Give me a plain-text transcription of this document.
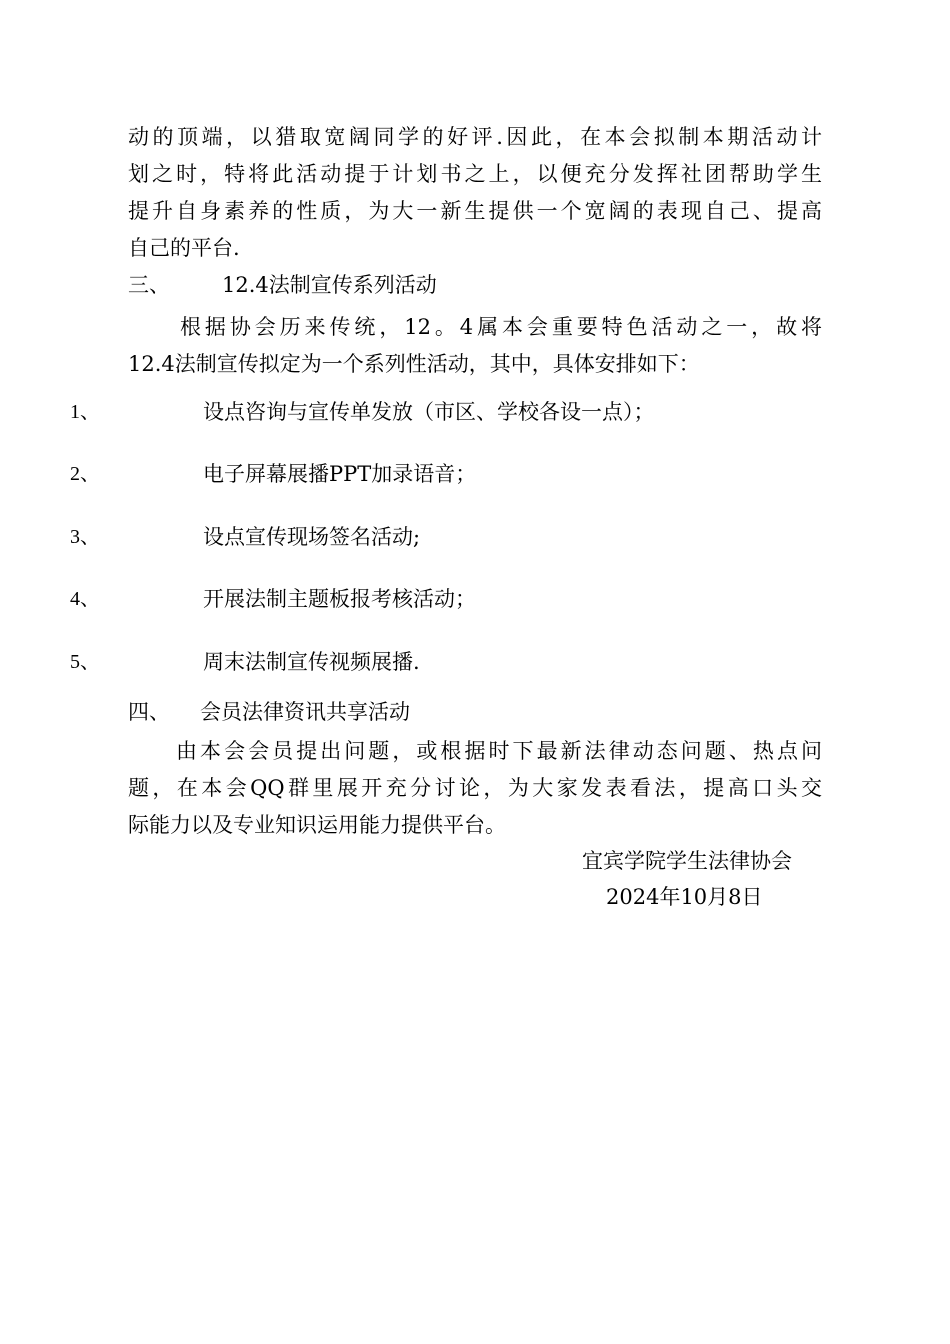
动的顶端，以猎取宽阔同学的好评.因此，在本会拟制本期活动计
划之时，特将此活动提于计划书之上，以便充分发挥社团帮助学生
提升自身素养的性质，为大一新生提供一个宽阔的表现自己、提高
自己的平台.
三、 12.4法制宣传系列活动
根据协会历来传统，12。4属本会重要特色活动之一，故将
12.4法制宣传拟定为一个系列性活动，其中，具体安排如下：
1、	设点咨询与宣传单发放（市区、学校各设一点）；
2、	电子屏幕展播PPT加录语音；
3、	设点宣传现场签名活动;
4、	开展法制主题板报考核活动；
5、	周末法制宣传视频展播.
四、 会员法律资讯共享活动
由本会会员提出问题，或根据时下最新法律动态问题、热点问
题，在本会QQ群里展开充分讨论，为大家发表看法，提高口头交
际能力以及专业知识运用能力提供平台。
宜宾学院学生法律协会
2024年10月8日
